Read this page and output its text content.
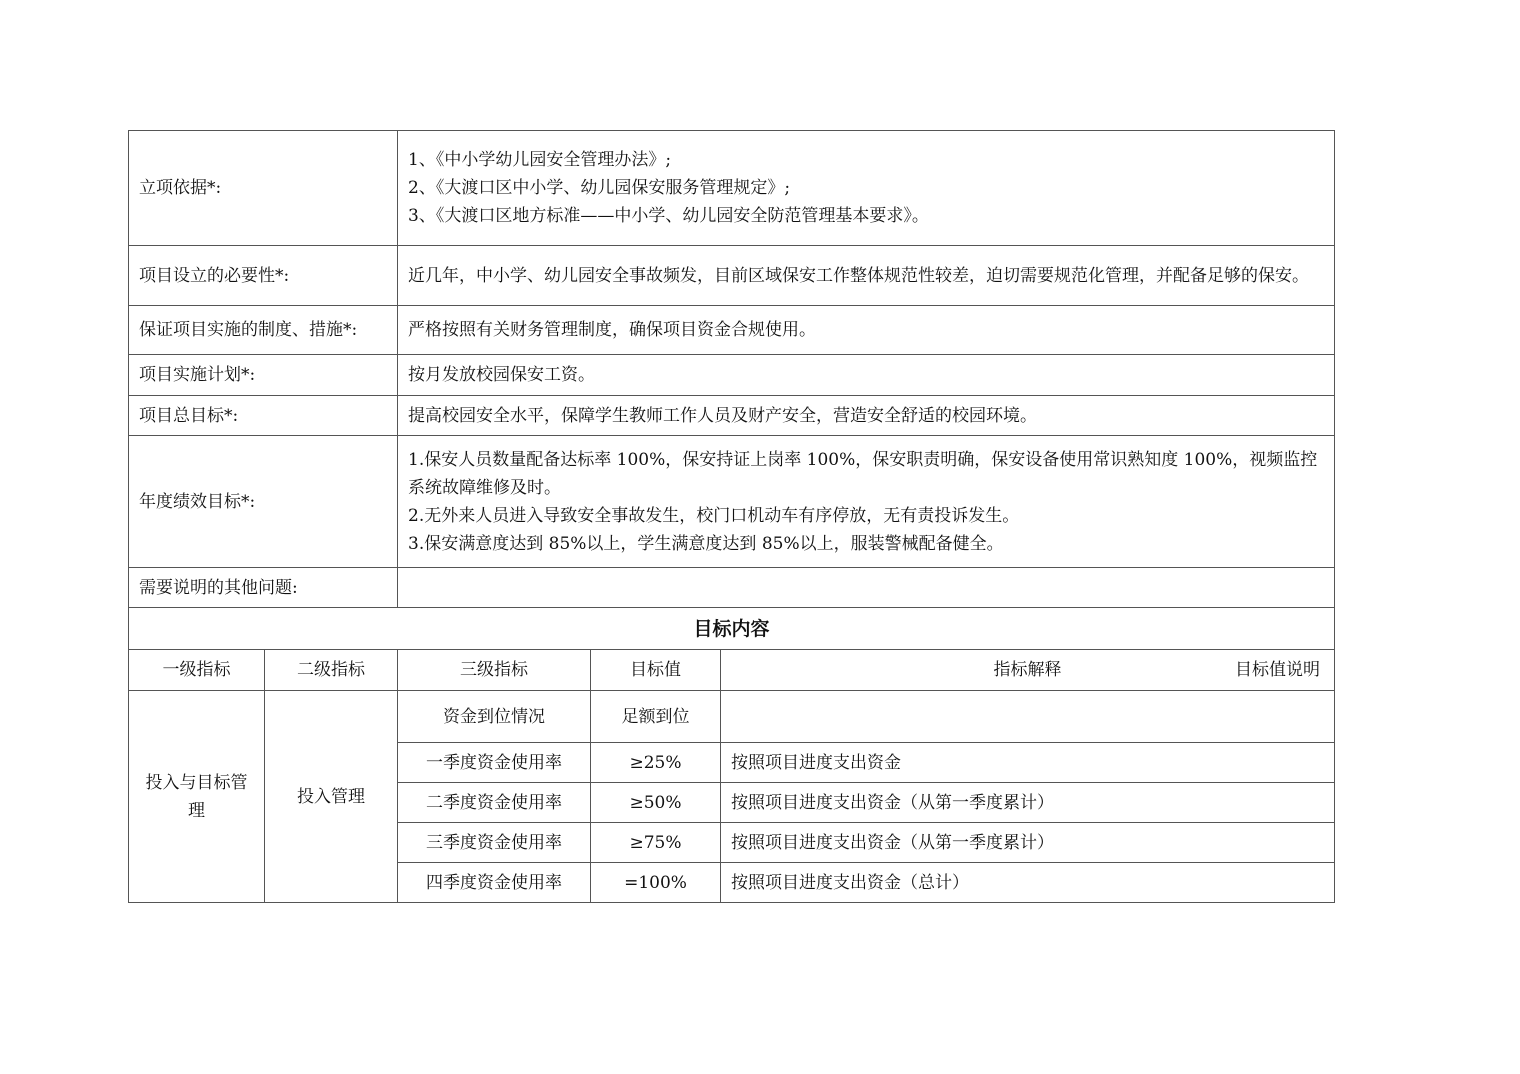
立项依据*:		1、《中小学幼儿园安全管理办法》;
2、《大渡口区中小学、幼儿园保安服务管理规定》;
3、《大渡口区地方标准——中小学、幼儿园安全防范管理基本要求》。		

项目设立的必要性*:		近几年，中小学、幼儿园安全事故频发，目前区域保安工作整体规范性较差，迫切需要规范化管理，并配备足够的保安。		
保证项目实施的制度、措施*:		严格按照有关财务管理制度，确保项目资金合规使用。		
项目实施计划*:		按月发放校园保安工资。		
项目总目标*:		提高校园安全水平，保障学生教师工作人员及财产安全，营造安全舒适的校园环境。		
年度绩效目标*:		1.保安人员数量配备达标率 100%，保安持证上岗率 100%，保安职责明确，保安设备使用常识熟知度 100%，视频监控系统故障维修及时。
2.无外来人员进入导致安全事故发生，校门口机动车有序停放，无有责投诉发生。
3.保安满意度达到 85%以上，学生满意度达到 85%以上，服装警械配备健全。		

需要说明的其他问题:				
目标内容				
一级指标	二级指标	三级指标	目标值	指标解释 目标值说明

投入与目标管理	投入管理	资金到位情况	足额到位	
		一季度资金使用率	≥25%	按照项目进度支出资金
		二季度资金使用率	≥50%	按照项目进度支出资金（从第一季度累计）
		三季度资金使用率	≥75%	按照项目进度支出资金（从第一季度累计）
		四季度资金使用率	=100%	按照项目进度支出资金（总计）
